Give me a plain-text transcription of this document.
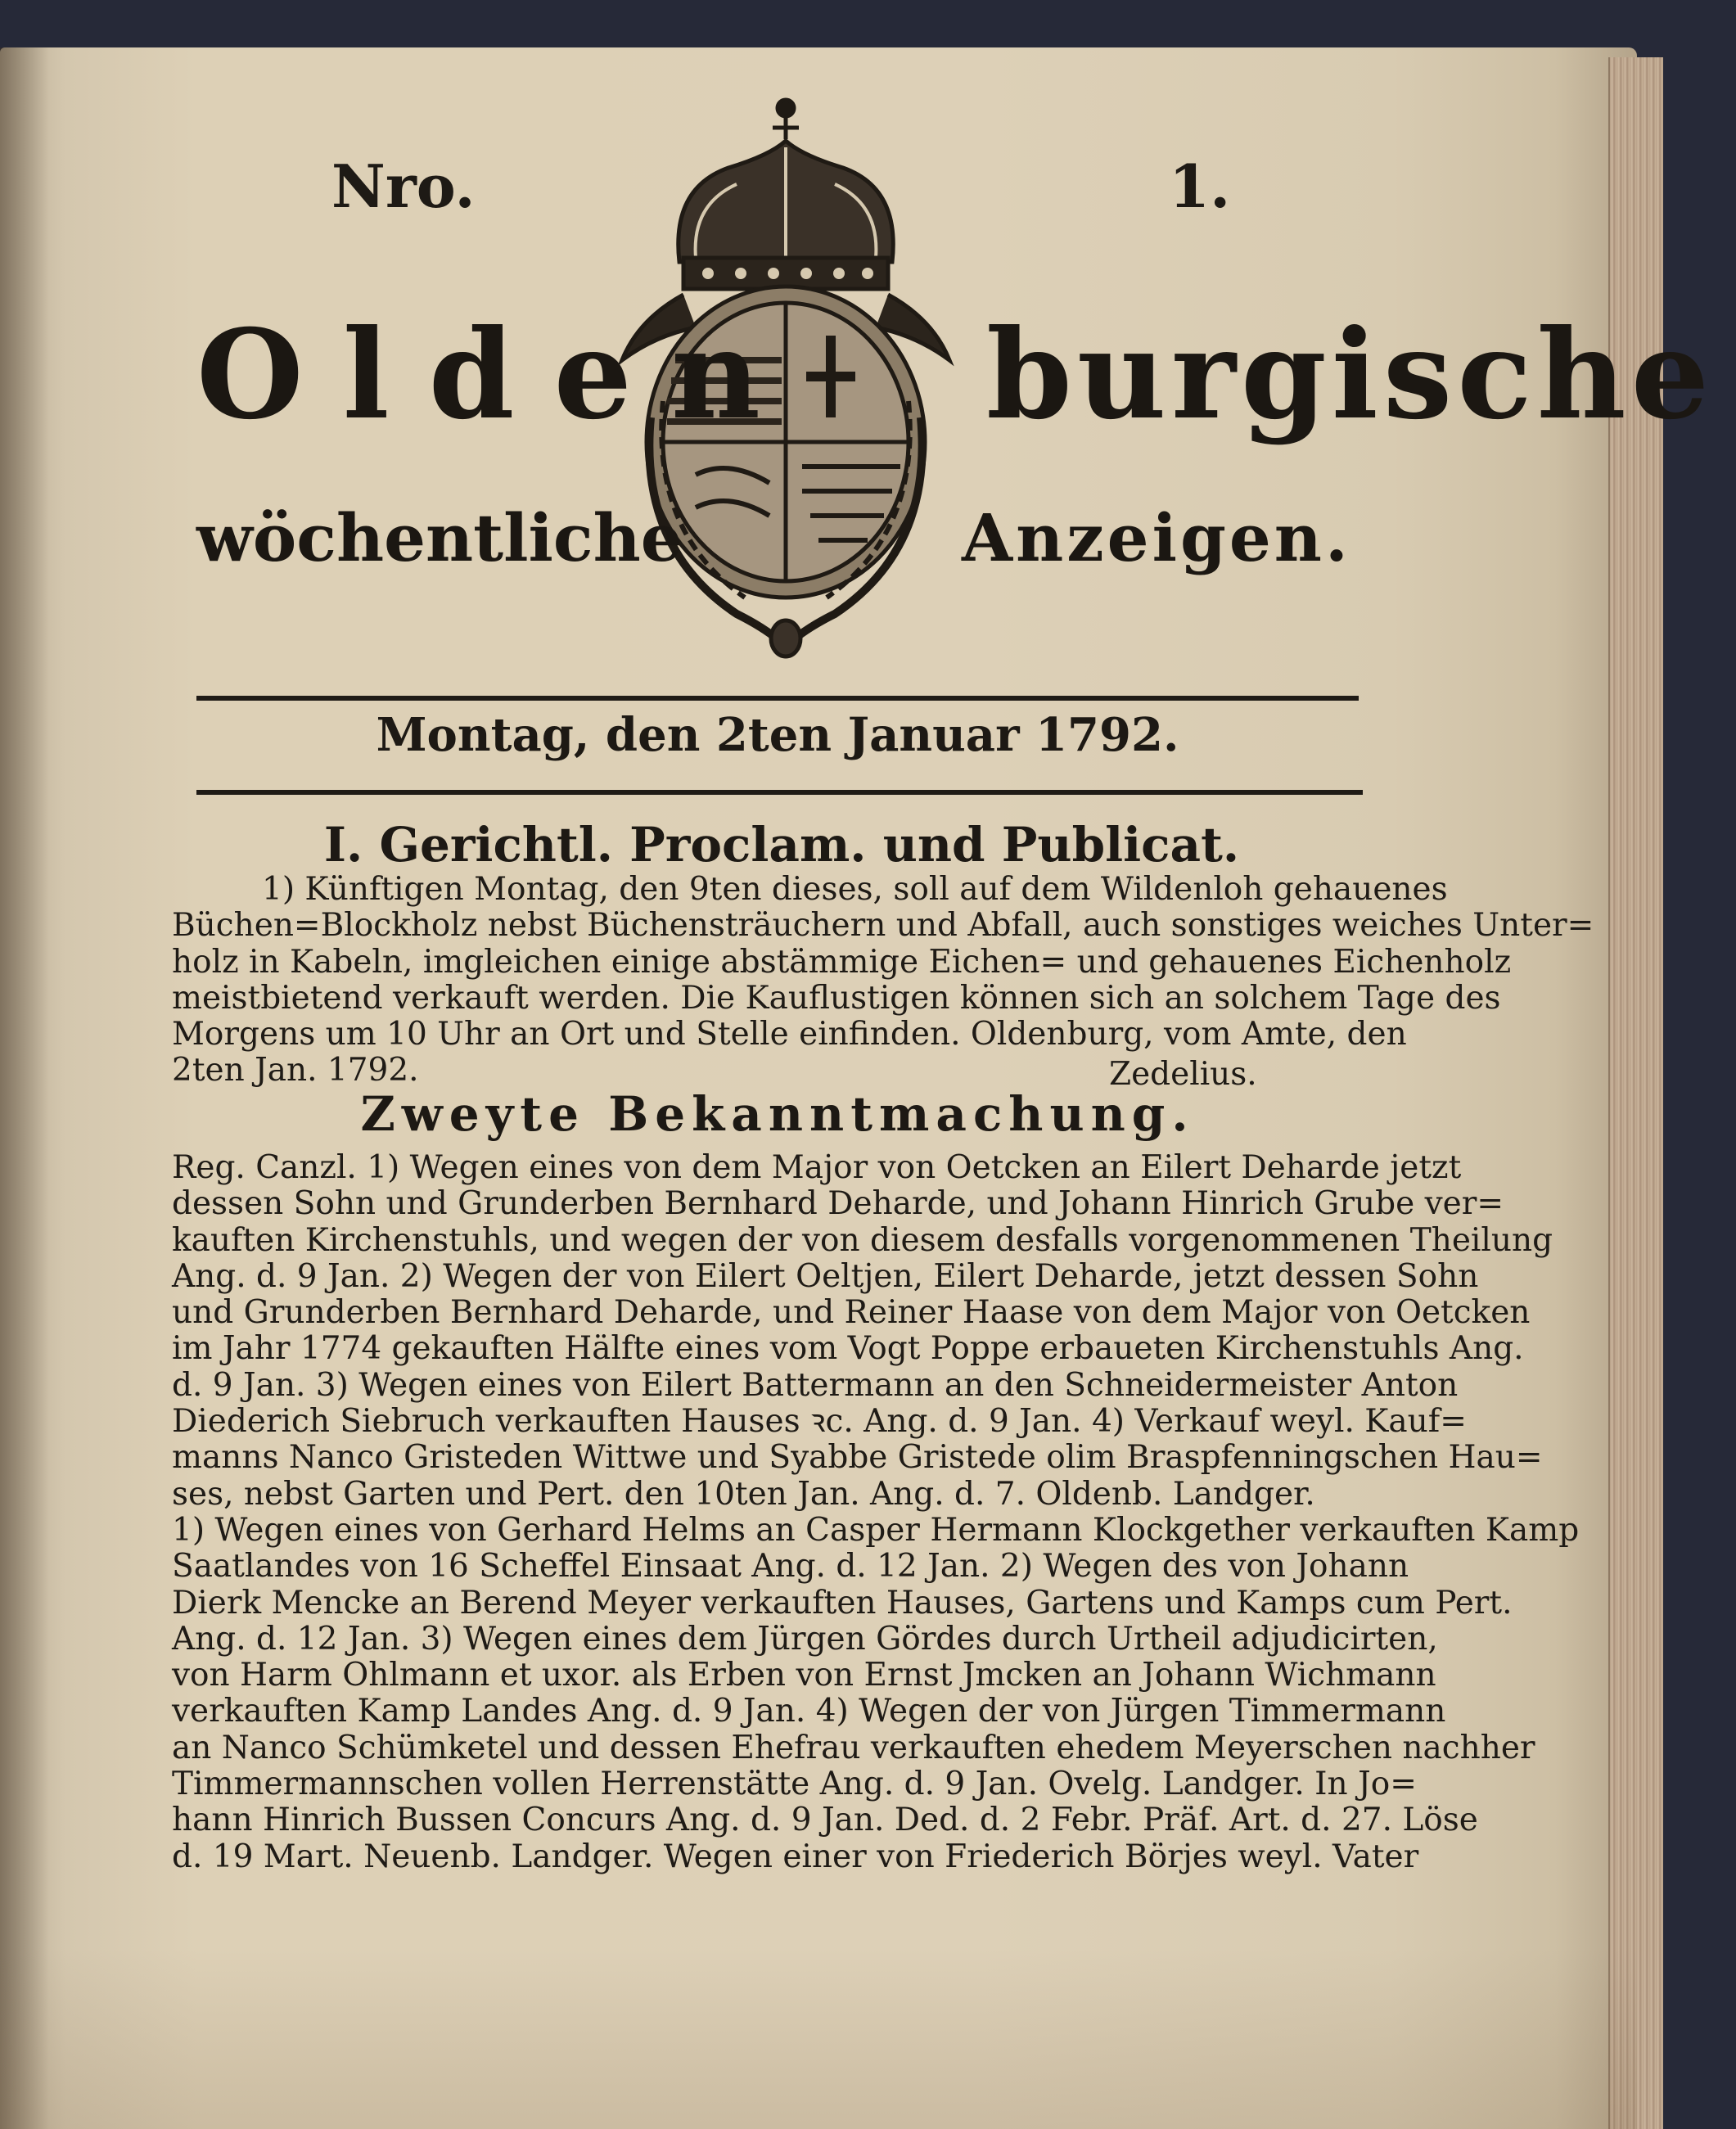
Nro.	1.
Olden burgische
wöchentliche	Anzeigen.
Montag, den 2ten Januar 1792.
I. Gerichtl. Proclam. und Publicat.
1) Künftigen Montag, den 9ten dieses, soll auf dem Wildenloh gehauenes
Büchen=Blockholz nebst Büchensträuchern und Abfall, auch sonstiges weiches Unter=
holz in Kabeln, imgleichen einige abstämmige Eichen= und gehauenes Eichenholz
meistbietend verkauft werden. Die Kauflustigen können sich an solchem Tage des
Morgens um 10 Uhr an Ort und Stelle einfinden. Oldenburg, vom Amte, den
2ten Jan. 1792.	Zedelius.
Zweyte Bekanntmachung.
Reg. Canzl. 1) Wegen eines von dem Major von Oetcken an Eilert Deharde jetzt
dessen Sohn und Grunderben Bernhard Deharde, und Johann Hinrich Grube ver=
kauften Kirchenstuhls, und wegen der von diesem desfalls vorgenommenen Theilung
Ang. d. 9 Jan. 2) Wegen der von Eilert Oeltjen, Eilert Deharde, jetzt dessen Sohn
und Grunderben Bernhard Deharde, und Reiner Haase von dem Major von Oetcken
im Jahr 1774 gekauften Hälfte eines vom Vogt Poppe erbaueten Kirchenstuhls Ang.
d. 9 Jan. 3) Wegen eines von Eilert Battermann an den Schneidermeister Anton
Diederich Siebruch verkauften Hauses ꝛc. Ang. d. 9 Jan. 4) Verkauf weyl. Kauf=
manns Nanco Gristeden Wittwe und Syabbe Gristede olim Braspfenningschen Hau=
ses, nebst Garten und Pert. den 10ten Jan. Ang. d. 7. Oldenb. Landger.
1) Wegen eines von Gerhard Helms an Casper Hermann Klockgether verkauften Kamp
Saatlandes von 16 Scheffel Einsaat Ang. d. 12 Jan. 2) Wegen des von Johann
Dierk Mencke an Berend Meyer verkauften Hauses, Gartens und Kamps cum Pert.
Ang. d. 12 Jan. 3) Wegen eines dem Jürgen Gördes durch Urtheil adjudicirten,
von Harm Ohlmann et uxor. als Erben von Ernst Jmcken an Johann Wichmann
verkauften Kamp Landes Ang. d. 9 Jan. 4) Wegen der von Jürgen Timmermann
an Nanco Schümketel und dessen Ehefrau verkauften ehedem Meyerschen nachher
Timmermannschen vollen Herrenstätte Ang. d. 9 Jan. Ovelg. Landger. In Jo=
hann Hinrich Bussen Concurs Ang. d. 9 Jan. Ded. d. 2 Febr. Präf. Art. d. 27. Löse
d. 19 Mart. Neuenb. Landger. Wegen einer von Friederich Börjes weyl. Vater
